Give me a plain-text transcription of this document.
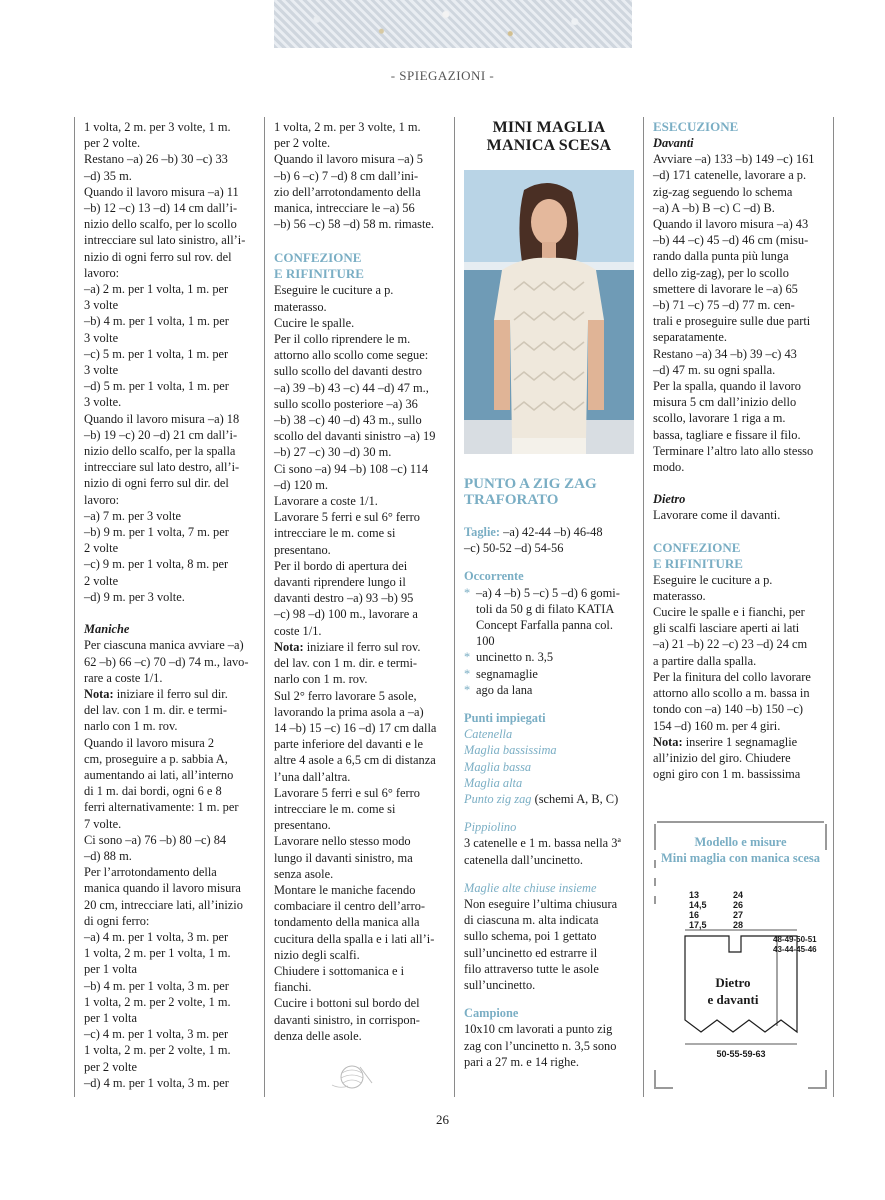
- SPIEGAZIONI -

1 volta, 2 m. per 3 volte, 1 m.

per 2 volte.

Restano –a) 26 –b) 30 –c) 33

–d) 35 m.

Quando il lavoro misura –a) 11

–b) 12 –c) 13 –d) 14 cm dall’i-

nizio dello scalfo, per lo scollo

intrecciare sul lato sinistro, all’i-

nizio di ogni ferro sul rov. del

lavoro:

–a) 2 m. per 1 volta, 1 m. per

3 volte

–b) 4 m. per 1 volta, 1 m. per

3 volte

–c) 5 m. per 1 volta, 1 m. per

3 volte

–d) 5 m. per 1 volta, 1 m. per

3 volte.

Quando il lavoro misura –a) 18

–b) 19 –c) 20 –d) 21 cm dall’i-

nizio dello scalfo, per la spalla

intrecciare sul lato destro, all’i-

nizio di ogni ferro sul dir. del

lavoro:

–a) 7 m. per 3 volte

–b) 9 m. per 1 volta, 7 m. per

2 volte

–c) 9 m. per 1 volta, 8 m. per

2 volte

–d) 9 m. per 3 volte.

Maniche

Per ciascuna manica avviare –a)

62 –b) 66 –c) 70 –d) 74 m., lavo-

rare a coste 1/1.

Nota: iniziare il ferro sul dir.

del lav. con 1 m. dir. e termi-

narlo con 1 m. rov.

Quando il lavoro misura 2

cm, proseguire a p. sabbia A,

aumentando ai lati, all’interno

di 1 m. dai bordi, ogni 6 e 8

ferri alternativamente: 1 m. per

7 volte.

Ci sono –a) 76 –b) 80 –c) 84

–d) 88 m.

Per l’arrotondamento della

manica quando il lavoro misura

20 cm, intrecciare lati, all’inizio

di ogni ferro:

–a) 4 m. per 1 volta, 3 m. per

1 volta, 2 m. per 1 volta, 1 m.

per 1 volta

–b) 4 m. per 1 volta, 3 m. per

1 volta, 2 m. per 2 volte, 1 m.

per 1 volta

–c) 4 m. per 1 volta, 3 m. per

1 volta, 2 m. per 2 volte, 1 m.

per 2 volte

–d) 4 m. per 1 volta, 3 m. per

1 volta, 2 m. per 3 volte, 1 m.

per 2 volte.

Quando il lavoro misura –a) 5

–b) 6 –c) 7 –d) 8 cm dall’ini-

zio dell’arrotondamento della

manica, intrecciare le –a) 56

–b) 56 –c) 58 –d) 58 m. rimaste.

CONFEZIONE

E RIFINITURE

Eseguire le cuciture a p.

materasso.

Cucire le spalle.

Per il collo riprendere le m.

attorno allo scollo come segue:

sullo scollo del davanti destro

–a) 39 –b) 43 –c) 44 –d) 47 m.,

sullo scollo posteriore –a) 36

–b) 38 –c) 40 –d) 43 m., sullo

scollo del davanti sinistro –a) 19

–b) 27 –c) 30 –d) 30 m.

Ci sono –a) 94 –b) 108 –c) 114

–d) 120 m.

Lavorare a coste 1/1.

Lavorare 5 ferri e sul 6° ferro

intrecciare le m. come si

presentano.

Per il bordo di apertura dei

davanti riprendere lungo il

davanti destro –a) 93 –b) 95

–c) 98 –d) 100 m., lavorare a

coste 1/1.

Nota: iniziare il ferro sul rov.

del lav. con 1 m. dir. e termi-

narlo con 1 m. rov.

Sul 2° ferro lavorare 5 asole,

lavorando la prima asola a –a)

14 –b) 15 –c) 16 –d) 17 cm dalla

parte inferiore del davanti e le

altre 4 asole a 6,5 cm di distanza

l’una dall’altra.

Lavorare 5 ferri e sul 6° ferro

intrecciare le m. come si

presentano.

Lavorare nello stesso modo

lungo il davanti sinistro, ma

senza asole.

Montare le maniche facendo

combaciare il centro dell’arro-

tondamento della manica alla

cucitura della spalla e i lati all’i-

nizio degli scalfi.

Chiudere i sottomanica e i

fianchi.

Cucire i bottoni sul bordo del

davanti sinistro, in corrispon-

denza delle asole.

MINI MAGLIA

MANICA SCESA

PUNTO A ZIG ZAG

TRAFORATO

Taglie: –a) 42-44 –b) 46-48

–c) 50-52 –d) 54-56

Occorrente

* –a) 4 –b) 5 –c) 5 –d) 6 gomi-

toli da 50 g di filato KATIA

Concept Farfalla panna col.

100

* uncinetto n. 3,5

* segnamaglie

* ago da lana

Punti impiegati

Catenella

Maglia bassissima

Maglia bassa

Maglia alta

Punto zig zag (schemi A, B, C)

Pippiolino

3 catenelle e 1 m. bassa nella 3ª

catenella dall’uncinetto.

Maglie alte chiuse insieme

Non eseguire l’ultima chiusura

di ciascuna m. alta indicata

sullo schema, poi 1 gettato

sull’uncinetto ed estrarre il

filo attraverso tutte le asole

sull’uncinetto.

Campione

10x10 cm lavorati a punto zig

zag con l’uncinetto n. 3,5 sono

pari a 27 m. e 14 righe.

ESECUZIONE

Davanti

Avviare –a) 133 –b) 149 –c) 161

–d) 171 catenelle, lavorare a p.

zig-zag seguendo lo schema

–a) A –b) B –c) C –d) B.

Quando il lavoro misura –a) 43

–b) 44 –c) 45 –d) 46 cm (misu-

rando dalla punta più lunga

dello zig-zag), per lo scollo

smettere di lavorare le –a) 65

–b) 71 –c) 75 –d) 77 m. cen-

trali e proseguire sulle due parti

separatamente.

Restano –a) 34 –b) 39 –c) 43

–d) 47 m. su ogni spalla.

Per la spalla, quando il lavoro

misura 5 cm dall’inizio dello

scollo, lavorare 1 riga a m.

bassa, tagliare e fissare il filo.

Terminare l’altro lato allo stesso

modo.

Dietro

Lavorare come il davanti.

CONFEZIONE

E RIFINITURE

Eseguire le cuciture a p.

materasso.

Cucire le spalle e i fianchi, per

gli scalfi lasciare aperti ai lati

–a) 21 –b) 22 –c) 23 –d) 24 cm

a partire dalla spalla.

Per la finitura del collo lavorare

attorno allo scollo a m. bassa in

tondo con –a) 140 –b) 150 –c)

154 –d) 160 m. per 4 giri.

Nota: inserire 1 segnamaglie

all’inizio del giro. Chiudere

ogni giro con 1 m. bassissima

Modello e misure
Mini maglia con manica scesa
13
14,5
16
17,5
24
26
27
28
48-49-50-51
43-44-45-46
Dietro
e davanti
50-55-59-63
26
